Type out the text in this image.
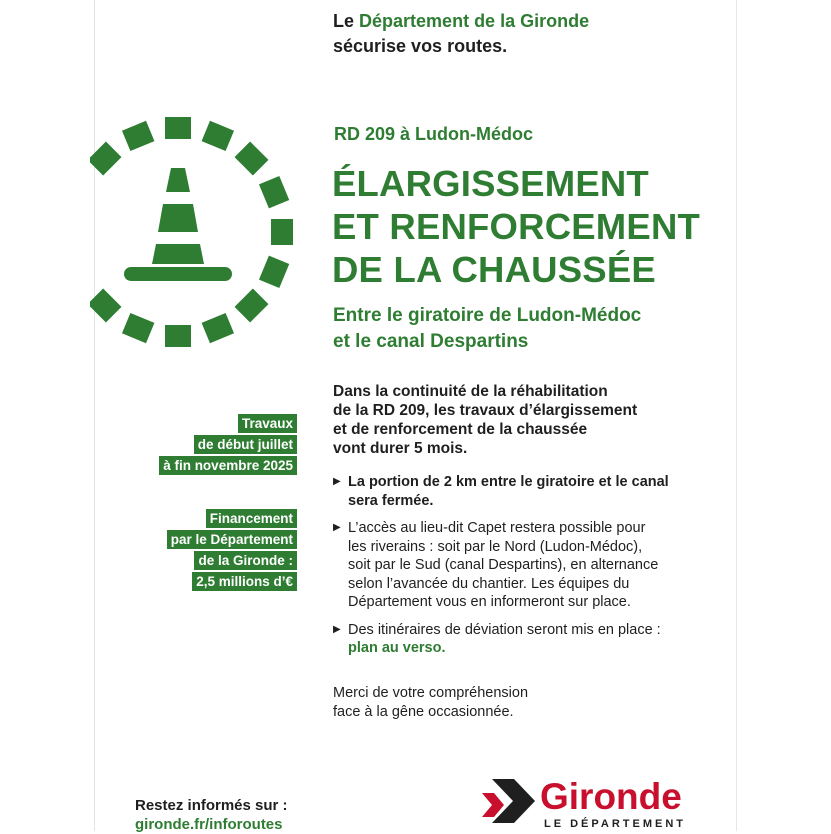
Le Département de la Gironde
sécurise vos routes.
RD 209 à Ludon-Médoc
ÉLARGISSEMENT
ET RENFORCEMENT
DE LA CHAUSSÉE
Entre le giratoire de Ludon-Médoc
et le canal Despartins
Dans la continuité de la réhabilitation
de la RD 209, les travaux d’élargissement
et de renforcement de la chaussée
vont durer 5 mois.
▶ La portion de 2 km entre le giratoire et le canal
sera fermée.
▶ L’accès au lieu-dit Capet restera possible pour
les riverains : soit par le Nord (Ludon-Médoc),
soit par le Sud (canal Despartins), en alternance
selon l’avancée du chantier. Les équipes du
Département vous en informeront sur place.
▶ Des itinéraires de déviation seront mis en place :
plan au verso.
Merci de votre compréhension
face à la gêne occasionnée.
Travaux
de début juillet
à fin novembre 2025
Financement
par le Département
de la Gironde :
2,5 millions d’€
Restez informés sur :
gironde.fr/inforoutes
Gironde
LE DÉPARTEMENT
